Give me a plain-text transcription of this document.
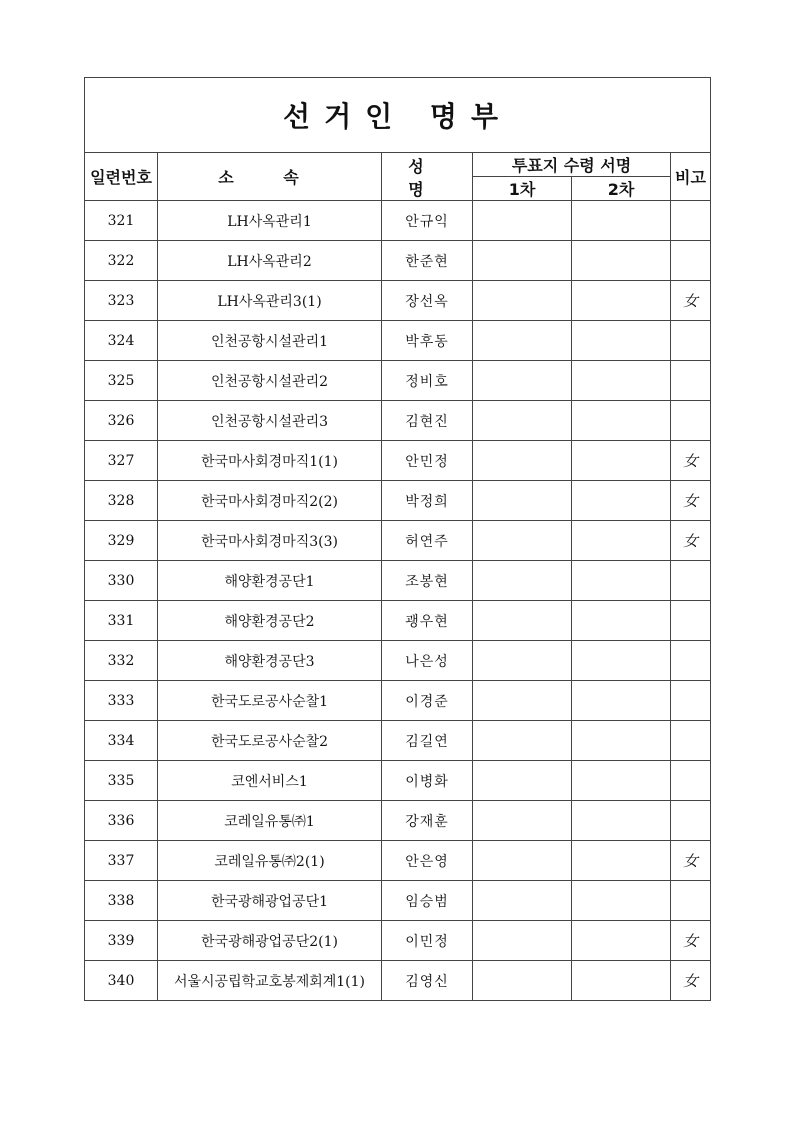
선거인 명부					
일련번호	소 속	성 명	투표지 수령 서명		비고
			1차	2차	
321	LH사옥관리1	안규익			
322	LH사옥관리2	한준현			
323	LH사옥관리3(1)	장선옥			女
324	인천공항시설관리1	박후동			
325	인천공항시설관리2	정비호			
326	인천공항시설관리3	김현진			
327	한국마사회경마직1(1)	안민정			女
328	한국마사회경마직2(2)	박정희			女
329	한국마사회경마직3(3)	허연주			女
330	해양환경공단1	조봉현			
331	해양환경공단2	괭우현			
332	해양환경공단3	나은성			
333	한국도로공사순찰1	이경준			
334	한국도로공사순찰2	김길연			
335	코엔서비스1	이병화			
336	코레일유통㈜1	강재훈			
337	코레일유통㈜2(1)	안은영			女
338	한국광해광업공단1	임승범			
339	한국광해광업공단2(1)	이민정			女
340	서울시공립학교호봉제회계1(1)	김영신			女
